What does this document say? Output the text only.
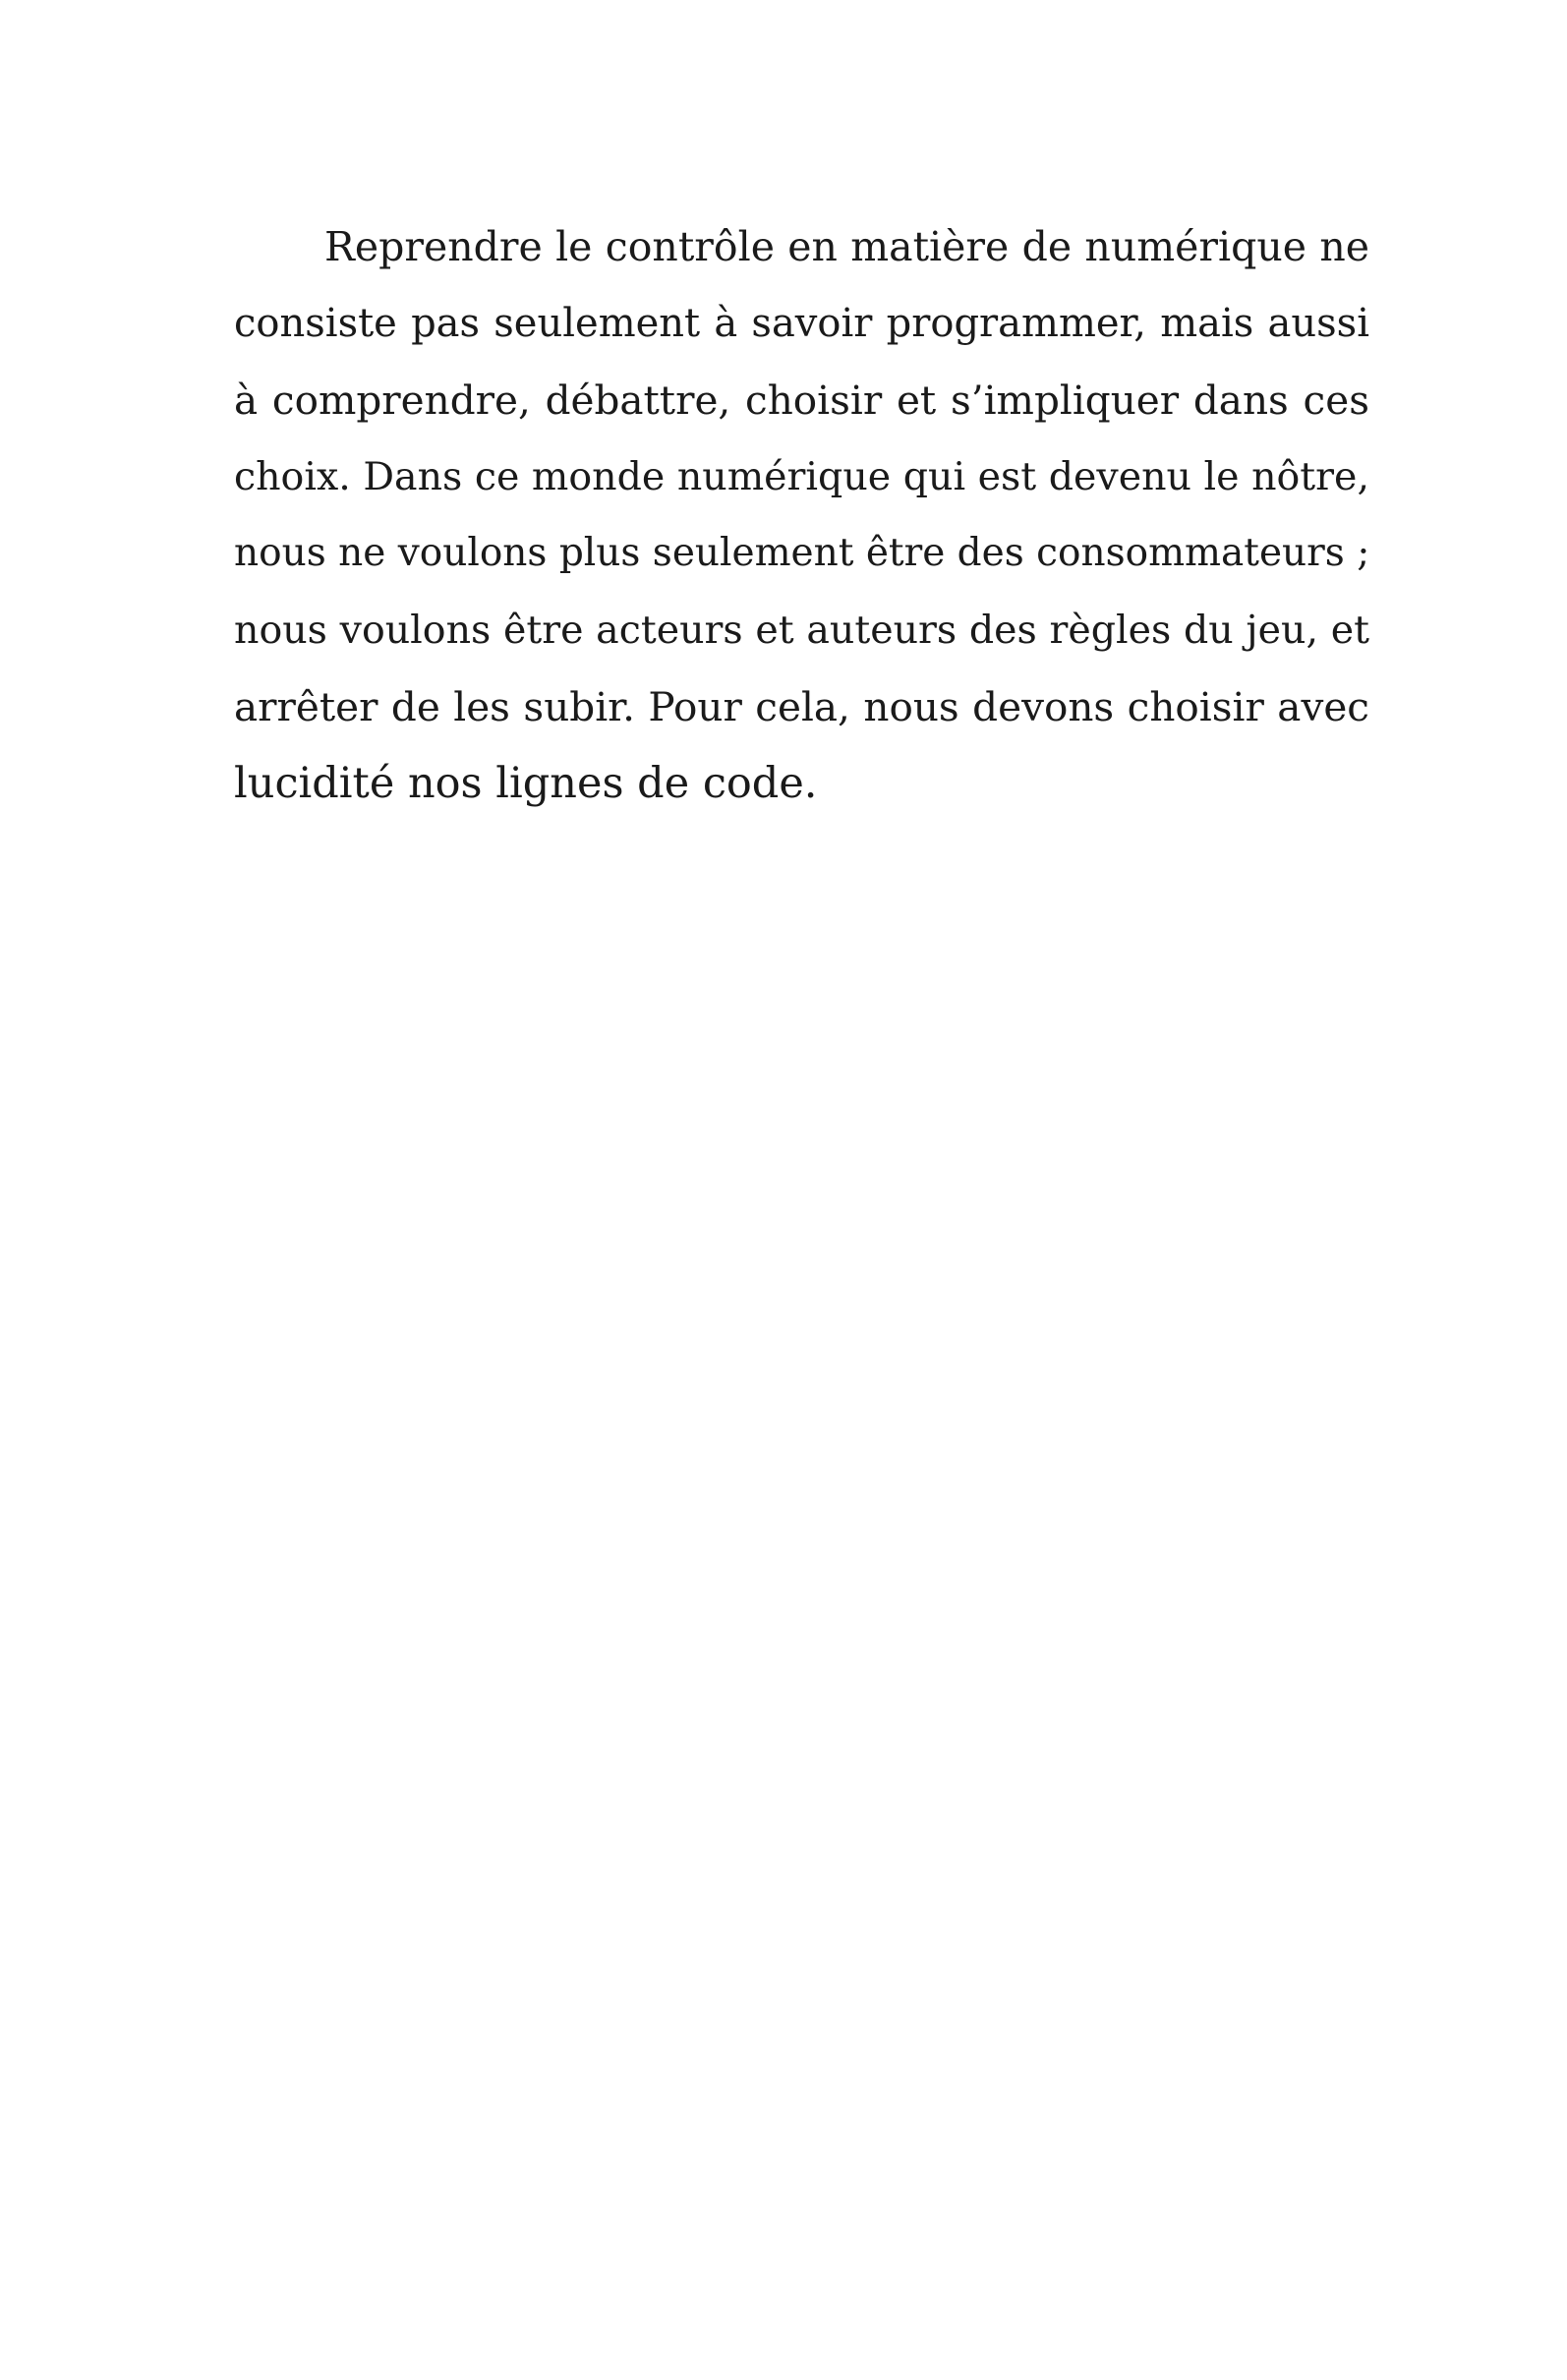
Reprendre le contrôle en matière de numérique ne
consiste pas seulement à savoir programmer, mais aussi
à comprendre, débattre, choisir et s’impliquer dans ces
choix. Dans ce monde numérique qui est devenu le nôtre,
nous ne voulons plus seulement être des consommateurs ;
nous voulons être acteurs et auteurs des règles du jeu, et
arrêter de les subir. Pour cela, nous devons choisir avec
lucidité nos lignes de code.
